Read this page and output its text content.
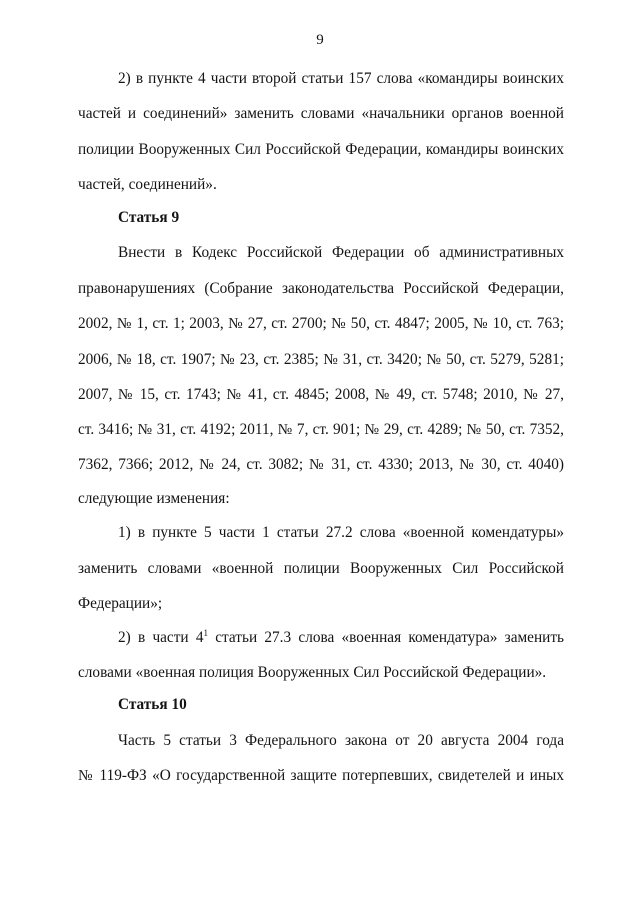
9
2) в пункте 4 части второй статьи 157 слова «командиры воинских
частей и соединений» заменить словами «начальники органов военной
полиции Вооруженных Сил Российской Федерации, командиры воинских
частей, соединений».
Статья 9
Внести в Кодекс Российской Федерации об административных
правонарушениях (Собрание законодательства Российской Федерации,
2002, № 1, ст. 1; 2003, № 27, ст. 2700; № 50, ст. 4847; 2005, № 10, ст. 763;
2006, № 18, ст. 1907; № 23, ст. 2385; № 31, ст. 3420; № 50, ст. 5279, 5281;
2007, № 15, ст. 1743; № 41, ст. 4845; 2008, № 49, ст. 5748; 2010, № 27,
ст. 3416; № 31, ст. 4192; 2011, № 7, ст. 901; № 29, ст. 4289; № 50, ст. 7352,
7362, 7366; 2012, № 24, ст. 3082; № 31, ст. 4330; 2013, № 30, ст. 4040)
следующие изменения:
1) в пункте 5 части 1 статьи 27.2 слова «военной комендатуры»
заменить словами «военной полиции Вооруженных Сил Российской
Федерации»;
2) в части $4^1$ статьи 27.3 слова «военная комендатура» заменить
словами «военная полиция Вооруженных Сил Российской Федерации».
Статья 10
Часть 5 статьи 3 Федерального закона от 20 августа 2004 года
№ 119-ФЗ «О государственной защите потерпевших, свидетелей и иных
